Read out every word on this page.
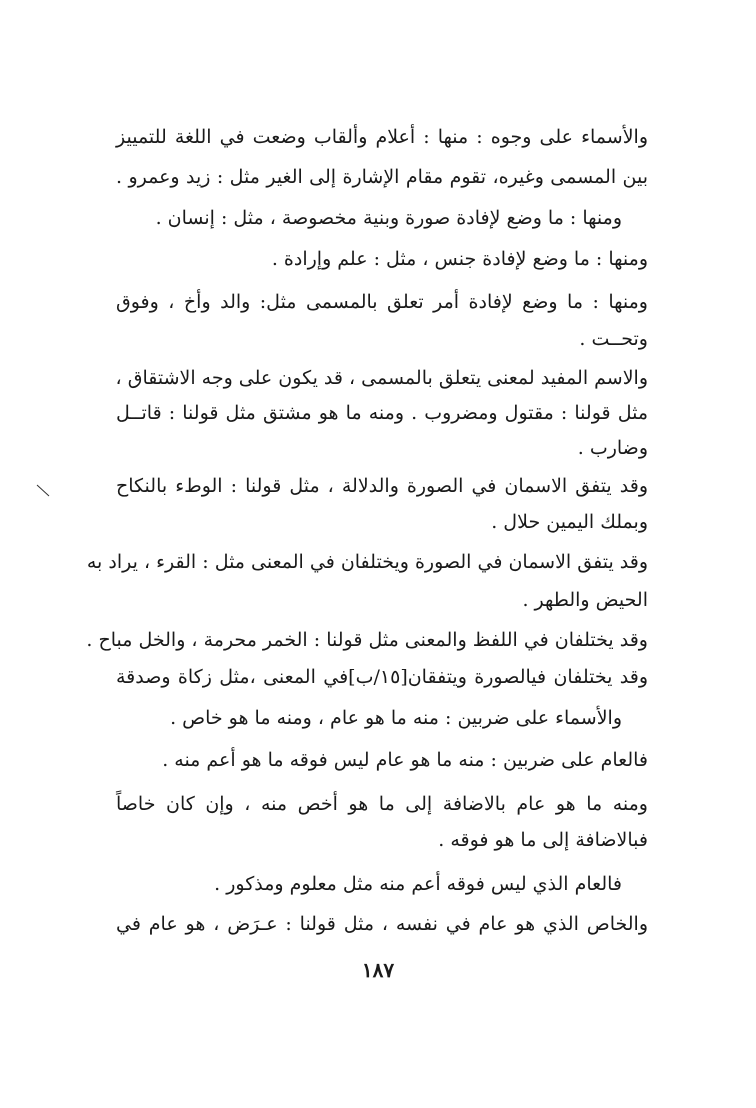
والأسماء على وجوه : منها : أعلام وألقاب وضعت في اللغة للتمييز
بين المسمى وغيره، تقوم مقام الإشارة إلى الغير مثل : زيد وعمرو .
ومنها : ما وضع لإفادة صورة وبنية مخصوصة ، مثل : إنسان .
ومنها : ما وضع لإفادة جنس ، مثل : علم وإرادة .
ومنها : ما وضع لإفادة أمر تعلق بالمسمى مثل: والد وأخ ، وفوق
وتحــت .
والاسم المفيد لمعنى يتعلق بالمسمى ، قد يكون على وجه الاشتقاق ،
مثل قولنا : مقتول ومضروب . ومنه ما هو مشتق مثل قولنا : قاتــل
وضارب .
وقد يتفق الاسمان في الصورة والدلالة ، مثل قولنا : الوطء بالنكاح
وبملك اليمين حلال .
وقد يتفق الاسمان في الصورة ويختلفان في المعنى مثل : القرء ، يراد به
الحيض والطهر .
وقد يختلفان في اللفظ والمعنى مثل قولنا : الخمر محرمة ، والخل مباح .
وقد يختلفان فيالصورة ويتفقان[١٥/ب]في المعنى ،مثل زكاة وصدقة
والأسماء على ضربين : منه ما هو عام ، ومنه ما هو خاص .
فالعام على ضربين : منه ما هو عام ليس فوقه ما هو أعم منه .
ومنه ما هو عام بالاضافة إلى ما هو أخص منه ، وإن كان خاصاً
فبالاضافة إلى ما هو فوقه .
فالعام الذي ليس فوقه أعم منه مثل معلوم ومذكور .
والخاص الذي هو عام في نفسه ، مثل قولنا : عـرَض ، هو عام في
١٨٧
